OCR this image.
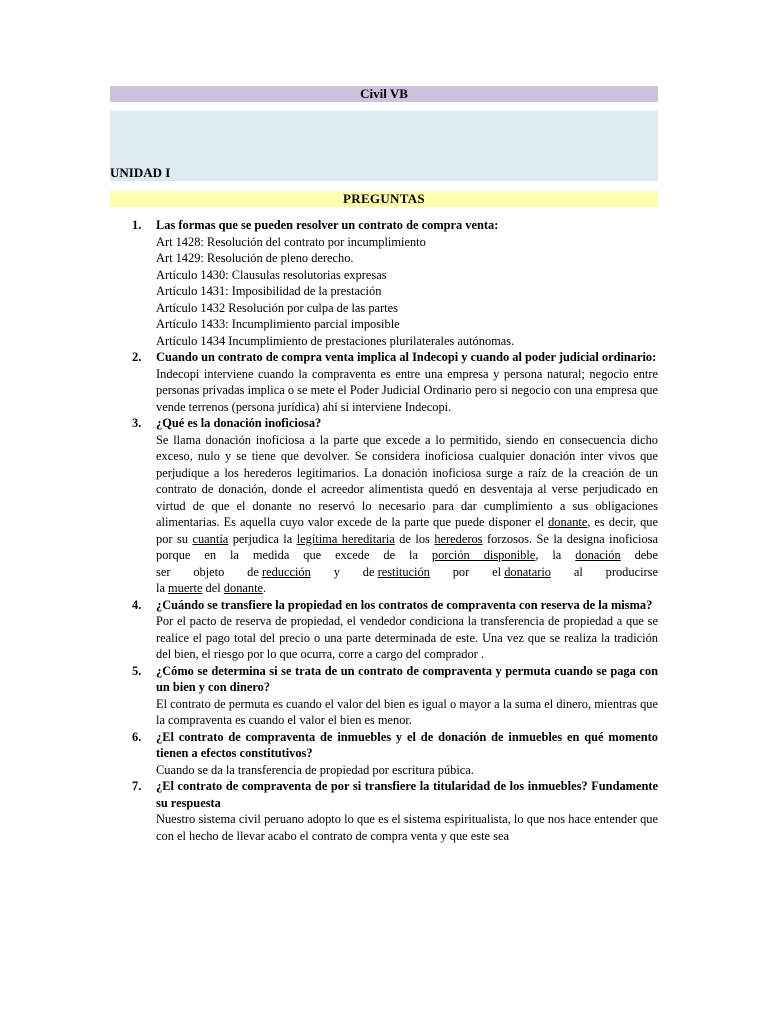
Civil VB
UNIDAD I
PREGUNTAS
1. Las formas que se pueden resolver un contrato de compra venta:
Art 1428: Resolución del contrato por incumplimiento
Art 1429: Resolución de pleno derecho.
Artículo 1430: Clausulas resolutorias expresas
Artículo 1431: Imposibilidad de la prestación
Artículo 1432 Resolución por culpa de las partes
Artículo 1433: Incumplimiento parcial imposible
Artículo 1434 Incumplimiento de prestaciones plurilaterales autónomas.
2. Cuando un contrato de compra venta implica al Indecopi y cuando al poder judicial ordinario:
Indecopi interviene cuando la compraventa es entre una empresa y persona natural; negocio entre personas privadas implica o se mete el Poder Judicial Ordinario pero si negocio con una empresa que vende terrenos (persona jurídica) ahí si interviene Indecopi.
3. ¿Qué es la donación inoficiosa?
Se llama donación inoficiosa a la parte que excede a lo permitido, siendo en consecuencia dicho exceso, nulo y se tiene que devolver. Se considera inoficiosa cualquier donación inter vivos que perjudique a los herederos legitimarios. La donación inoficiosa surge a raíz de la creación de un contrato de donación, donde el acreedor alimentista quedó en desventaja al verse perjudicado en virtud de que el donante no reservó lo necesario para dar cumplimiento a sus obligaciones alimentarias. Es aquella cuyo valor excede de la parte que puede disponer el donante, es decir, que por su cuantía perjudica la legítima hereditaria de los herederos forzosos. Se la designa inoficiosa porque en la medida que excede de la porción disponible, la donación debe
ser objeto de reducción y de restitución por el donatario al producirse
la muerte del donante.
4. ¿Cuándo se transfiere la propiedad en los contratos de compraventa con reserva de la misma?
Por el pacto de reserva de propiedad, el vendedor condiciona la transferencia de propiedad a que se realice el pago total del precio o una parte determinada de este. Una vez que se realiza la tradición del bien, el riesgo por lo que ocurra, corre a cargo del comprador .
5. ¿Cómo se determina si se trata de un contrato de compraventa y permuta cuando se paga con un bien y con dinero?
El contrato de permuta es cuando el valor del bien es igual o mayor a la suma el dinero, mientras que la compraventa es cuando el valor el bien es menor.
6. ¿El contrato de compraventa de inmuebles y el de donación de inmuebles en qué momento tienen a efectos constitutivos?
Cuando se da la transferencia de propiedad por escritura púbica.
7. ¿El contrato de compraventa de por si transfiere la titularidad de los inmuebles? Fundamente su respuesta
Nuestro sistema civil peruano adopto lo que es el sistema espiritualista, lo que nos hace entender que con el hecho de llevar acabo el contrato de compra venta y que este sea
